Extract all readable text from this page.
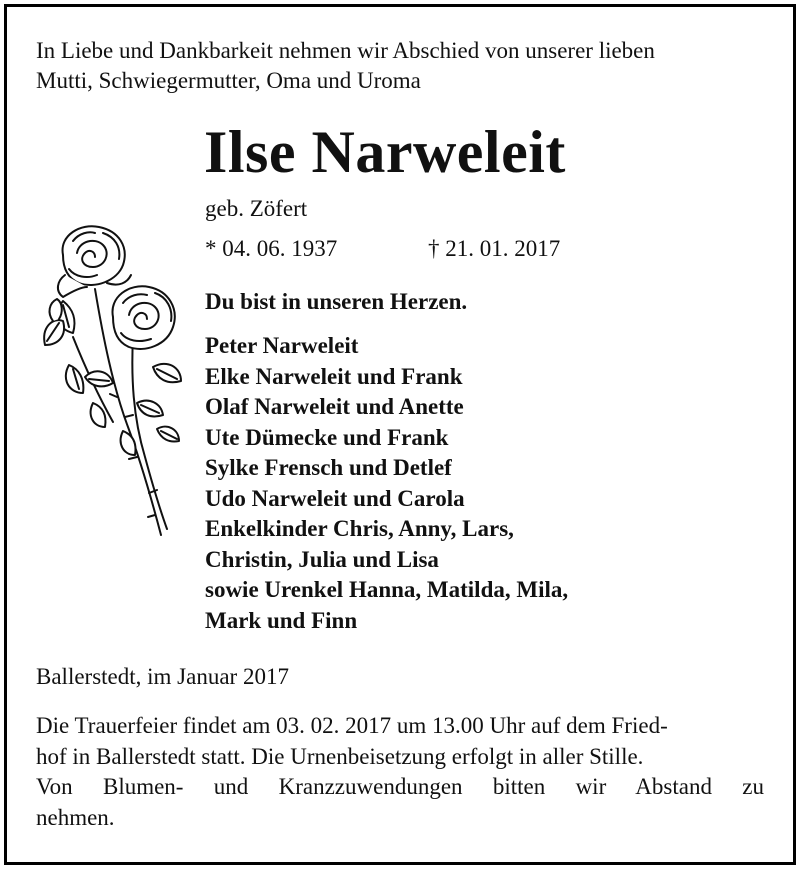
In Liebe und Dankbarkeit nehmen wir Abschied von unserer lieben
Mutti, Schwiegermutter, Oma und Uroma

Ilse Narweleit

geb. Zöfert

* 04. 06. 1937	† 21. 01. 2017

Du bist in unseren Herzen.

Peter Narweleit
Elke Narweleit und Frank
Olaf Narweleit und Anette
Ute Dümecke und Frank
Sylke Frensch und Detlef
Udo Narweleit und Carola
Enkelkinder Chris, Anny, Lars,
Christin, Julia und Lisa
sowie Urenkel Hanna, Matilda, Mila,
Mark und Finn

Ballerstedt, im Januar 2017

Die Trauerfeier findet am 03. 02. 2017 um 13.00 Uhr auf dem Fried-
hof in Ballerstedt statt. Die Urnenbeisetzung erfolgt in aller Stille.
Von Blumen- und Kranzzuwendungen bitten wir Abstand zu
nehmen.
